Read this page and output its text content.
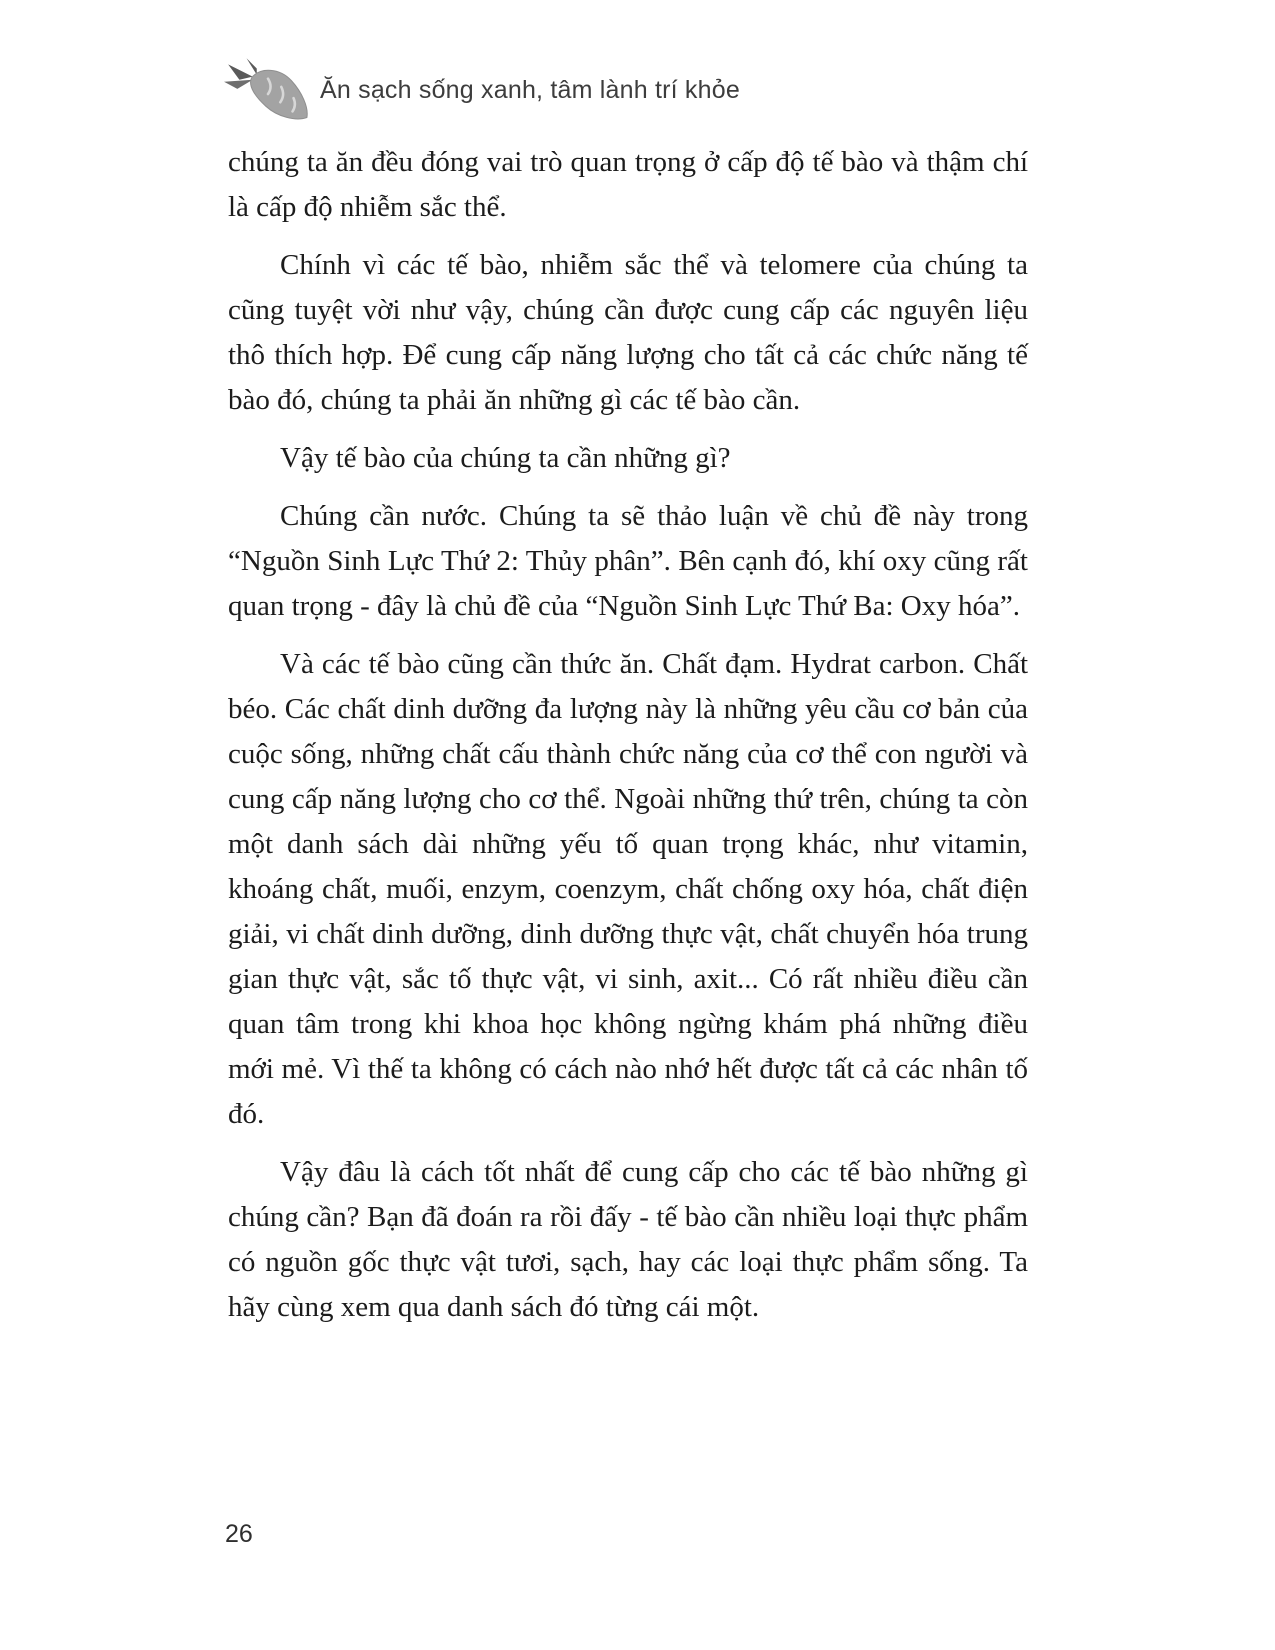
Ăn sạch sống xanh, tâm lành trí khỏe

chúng ta ăn đều đóng vai trò quan trọng ở cấp độ tế bào và thậm chí là cấp độ nhiễm sắc thể.

Chính vì các tế bào, nhiễm sắc thể và telomere của chúng ta cũng tuyệt vời như vậy, chúng cần được cung cấp các nguyên liệu thô thích hợp. Để cung cấp năng lượng cho tất cả các chức năng tế bào đó, chúng ta phải ăn những gì các tế bào cần.

Vậy tế bào của chúng ta cần những gì?

Chúng cần nước. Chúng ta sẽ thảo luận về chủ đề này trong “Nguồn Sinh Lực Thứ 2: Thủy phân”. Bên cạnh đó, khí oxy cũng rất quan trọng - đây là chủ đề của “Nguồn Sinh Lực Thứ Ba: Oxy hóa”.

Và các tế bào cũng cần thức ăn. Chất đạm. Hydrat carbon. Chất béo. Các chất dinh dưỡng đa lượng này là những yêu cầu cơ bản của cuộc sống, những chất cấu thành chức năng của cơ thể con người và cung cấp năng lượng cho cơ thể. Ngoài những thứ trên, chúng ta còn một danh sách dài những yếu tố quan trọng khác, như vitamin, khoáng chất, muối, enzym, coenzym, chất chống oxy hóa, chất điện giải, vi chất dinh dưỡng, dinh dưỡng thực vật, chất chuyển hóa trung gian thực vật, sắc tố thực vật, vi sinh, axit... Có rất nhiều điều cần quan tâm trong khi khoa học không ngừng khám phá những điều mới mẻ. Vì thế ta không có cách nào nhớ hết được tất cả các nhân tố đó.

Vậy đâu là cách tốt nhất để cung cấp cho các tế bào những gì chúng cần? Bạn đã đoán ra rồi đấy - tế bào cần nhiều loại thực phẩm có nguồn gốc thực vật tươi, sạch, hay các loại thực phẩm sống. Ta hãy cùng xem qua danh sách đó từng cái một.

26
